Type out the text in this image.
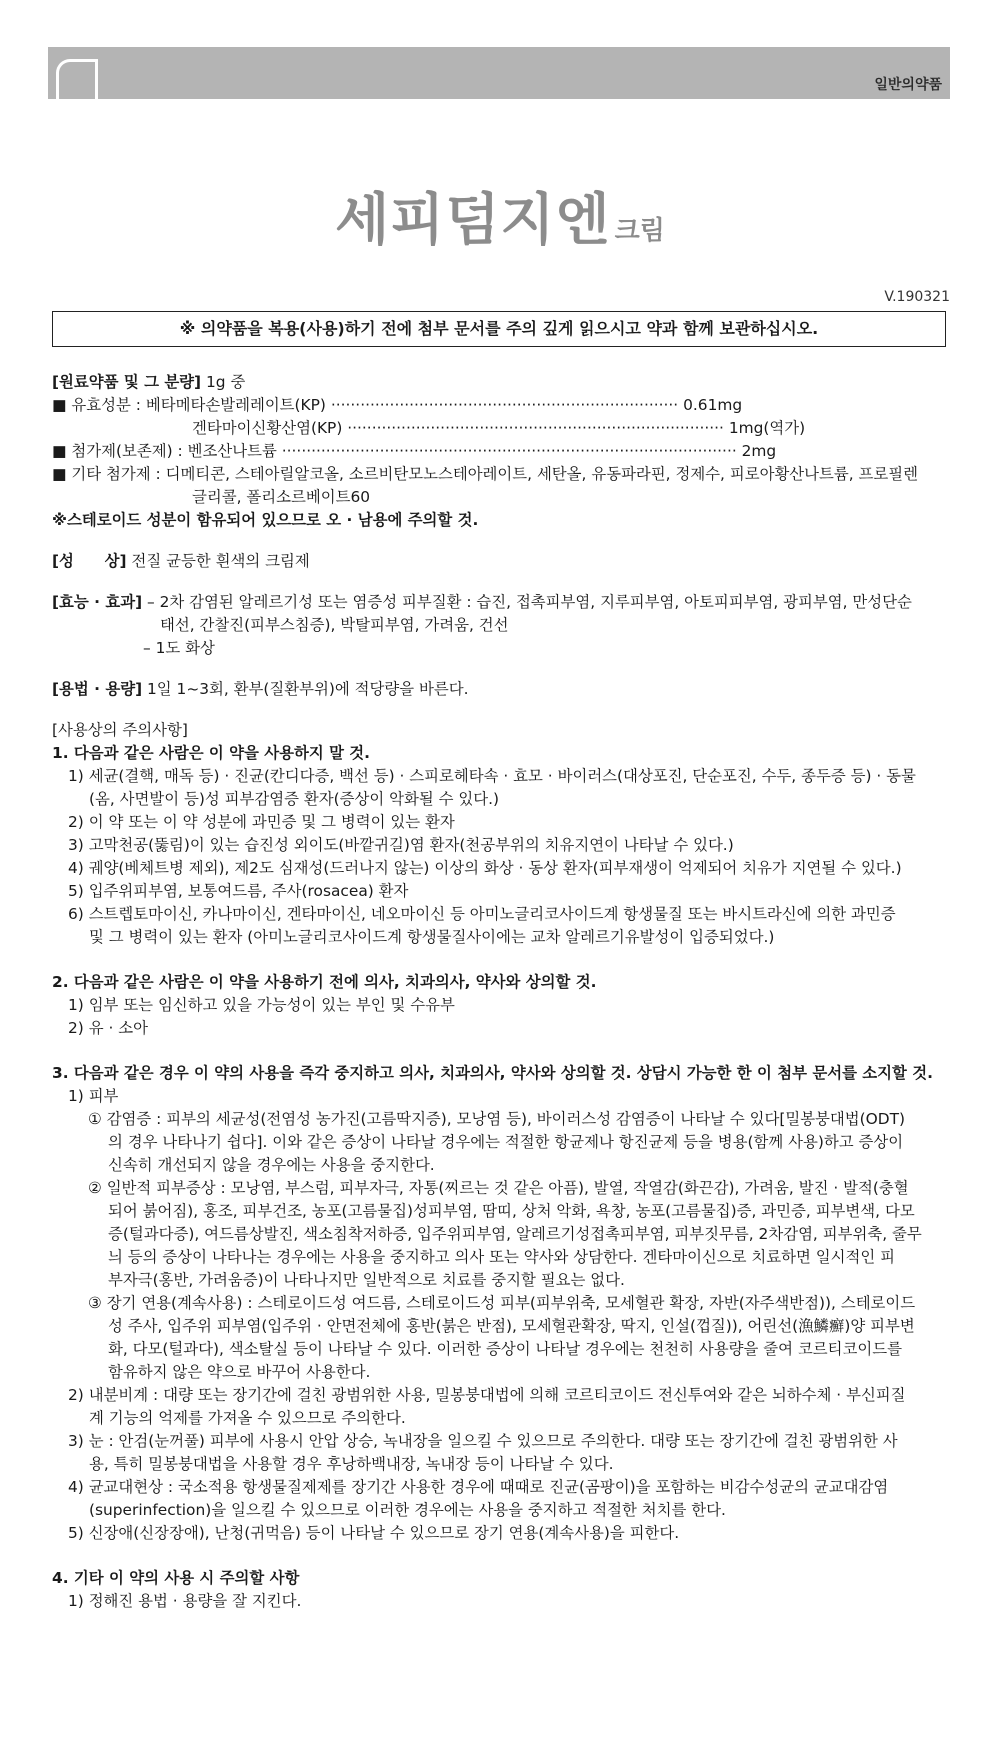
일반의약품
세피덤지엔 크림
V.190321
※ 의약품을 복용(사용)하기 전에 첨부 문서를 주의 깊게 읽으시고 약과 함께 보관하십시오.
[원료약품 및 그 분량] 1g 중
■ 유효성분 : 베타메타손발레레이트(KP) ······································································· 0.61mg
겐타마이신황산염(KP) ············································································· 1mg(역가)
■ 첨가제(보존제) : 벤조산나트륨 ····························································································· 2mg
■ 기타 첨가제 : 디메티콘, 스테아릴알코올, 소르비탄모노스테아레이트, 세탄올, 유동파라핀, 정제수, 피로아황산나트륨, 프로필렌
글리콜, 폴리소르베이트60
※스테로이드 성분이 함유되어 있으므로 오 · 남용에 주의할 것.
[성　　상] 전질 균등한 흰색의 크림제
[효능 · 효과] – 2차 감염된 알레르기성 또는 염증성 피부질환 : 습진, 접촉피부염, 지루피부염, 아토피피부염, 광피부염, 만성단순
태선, 간찰진(피부스침증), 박탈피부염, 가려움, 건선
– 1도 화상
[용법 · 용량] 1일 1~3회, 환부(질환부위)에 적당량을 바른다.
[사용상의 주의사항]
1. 다음과 같은 사람은 이 약을 사용하지 말 것.
1) 세균(결핵, 매독 등) · 진균(칸디다증, 백선 등) · 스피로헤타속 · 효모 · 바이러스(대상포진, 단순포진, 수두, 종두증 등) · 동물
(옴, 사면발이 등)성 피부감염증 환자(증상이 악화될 수 있다.)
2) 이 약 또는 이 약 성분에 과민증 및 그 병력이 있는 환자
3) 고막천공(뚫림)이 있는 습진성 외이도(바깥귀길)염 환자(천공부위의 치유지연이 나타날 수 있다.)
4) 궤양(베체트병 제외), 제2도 심재성(드러나지 않는) 이상의 화상 · 동상 환자(피부재생이 억제되어 치유가 지연될 수 있다.)
5) 입주위피부염, 보통여드름, 주사(rosacea) 환자
6) 스트렙토마이신, 카나마이신, 겐타마이신, 네오마이신 등 아미노글리코사이드계 항생물질 또는 바시트라신에 의한 과민증
및 그 병력이 있는 환자 (아미노글리코사이드계 항생물질사이에는 교차 알레르기유발성이 입증되었다.)
2. 다음과 같은 사람은 이 약을 사용하기 전에 의사, 치과의사, 약사와 상의할 것.
1) 임부 또는 임신하고 있을 가능성이 있는 부인 및 수유부
2) 유 · 소아
3. 다음과 같은 경우 이 약의 사용을 즉각 중지하고 의사, 치과의사, 약사와 상의할 것. 상담시 가능한 한 이 첨부 문서를 소지할 것.
1) 피부
① 감염증 : 피부의 세균성(전염성 농가진(고름딱지증), 모낭염 등), 바이러스성 감염증이 나타날 수 있다[밀봉붕대법(ODT)
의 경우 나타나기 쉽다]. 이와 같은 증상이 나타날 경우에는 적절한 항균제나 항진균제 등을 병용(함께 사용)하고 증상이
신속히 개선되지 않을 경우에는 사용을 중지한다.
② 일반적 피부증상 : 모낭염, 부스럼, 피부자극, 자통(찌르는 것 같은 아픔), 발열, 작열감(화끈감), 가려움, 발진 · 발적(충혈
되어 붉어짐), 홍조, 피부건조, 농포(고름물집)성피부염, 땀띠, 상처 악화, 욕창, 농포(고름물집)증, 과민증, 피부변색, 다모
증(털과다증), 여드름상발진, 색소침착저하증, 입주위피부염, 알레르기성접촉피부염, 피부짓무름, 2차감염, 피부위축, 줄무
늬 등의 증상이 나타나는 경우에는 사용을 중지하고 의사 또는 약사와 상담한다. 겐타마이신으로 치료하면 일시적인 피
부자극(홍반, 가려움증)이 나타나지만 일반적으로 치료를 중지할 필요는 없다.
③ 장기 연용(계속사용) : 스테로이드성 여드름, 스테로이드성 피부(피부위축, 모세혈관 확장, 자반(자주색반점)), 스테로이드
성 주사, 입주위 피부염(입주위 · 안면전체에 홍반(붉은 반점), 모세혈관확장, 딱지, 인설(껍질)), 어린선(漁鱗癬)양 피부변
화, 다모(털과다), 색소탈실 등이 나타날 수 있다. 이러한 증상이 나타날 경우에는 천천히 사용량을 줄여 코르티코이드를
함유하지 않은 약으로 바꾸어 사용한다.
2) 내분비계 : 대량 또는 장기간에 걸친 광범위한 사용, 밀봉붕대법에 의해 코르티코이드 전신투여와 같은 뇌하수체 · 부신피질
계 기능의 억제를 가져올 수 있으므로 주의한다.
3) 눈 : 안검(눈꺼풀) 피부에 사용시 안압 상승, 녹내장을 일으킬 수 있으므로 주의한다. 대량 또는 장기간에 걸친 광범위한 사
용, 특히 밀봉붕대법을 사용할 경우 후낭하백내장, 녹내장 등이 나타날 수 있다.
4) 균교대현상 : 국소적용 항생물질제제를 장기간 사용한 경우에 때때로 진균(곰팡이)을 포함하는 비감수성균의 균교대감염
(superinfection)을 일으킬 수 있으므로 이러한 경우에는 사용을 중지하고 적절한 처치를 한다.
5) 신장애(신장장애), 난청(귀먹음) 등이 나타날 수 있으므로 장기 연용(계속사용)을 피한다.
4. 기타 이 약의 사용 시 주의할 사항
1) 정해진 용법 · 용량을 잘 지킨다.
